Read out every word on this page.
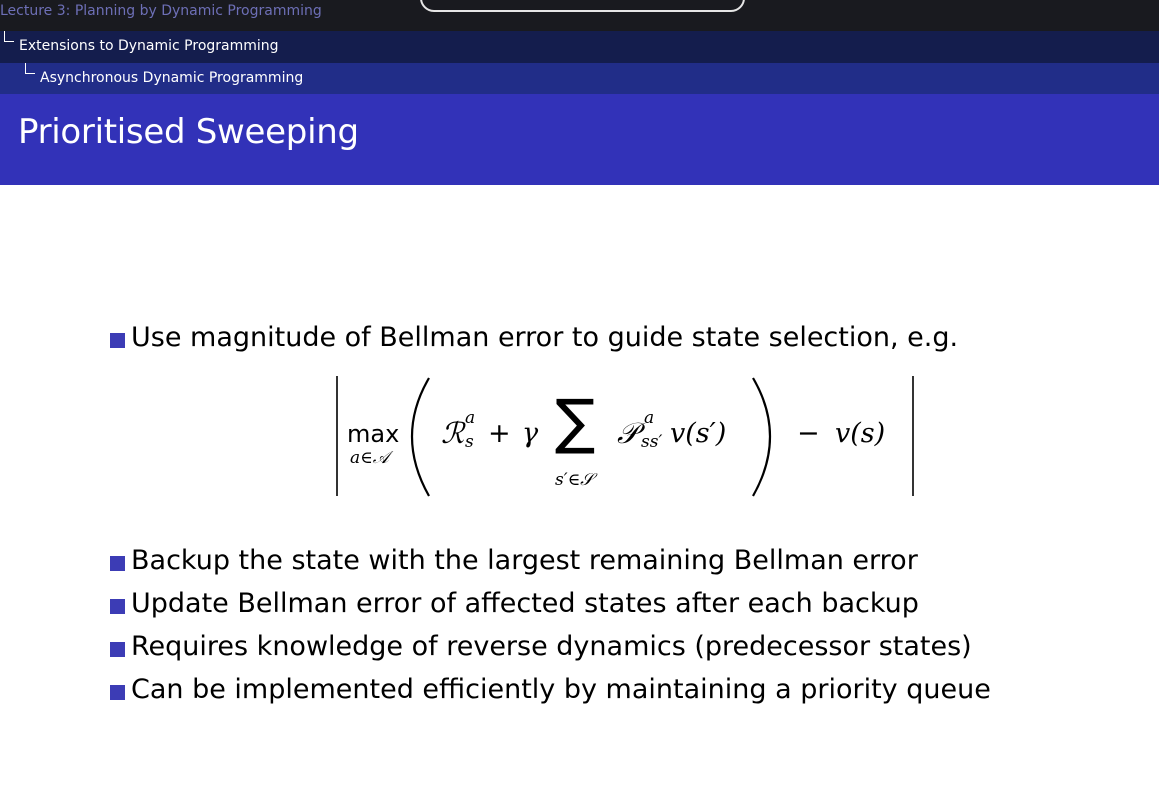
Lecture 3: Planning by Dynamic Programming
Extensions to Dynamic Programming
Asynchronous Dynamic Programming
Prioritised Sweeping
Use magnitude of Bellman error to guide state selection, e.g.
max
a∈𝒜
ℛ a
s + γ ∑
s′∈𝒮
𝒫 a
ss′ v(s′)	− v(s)
Backup the state with the largest remaining Bellman error
Update Bellman error of affected states after each backup
Requires knowledge of reverse dynamics (predecessor states)
Can be implemented efficiently by maintaining a priority queue
